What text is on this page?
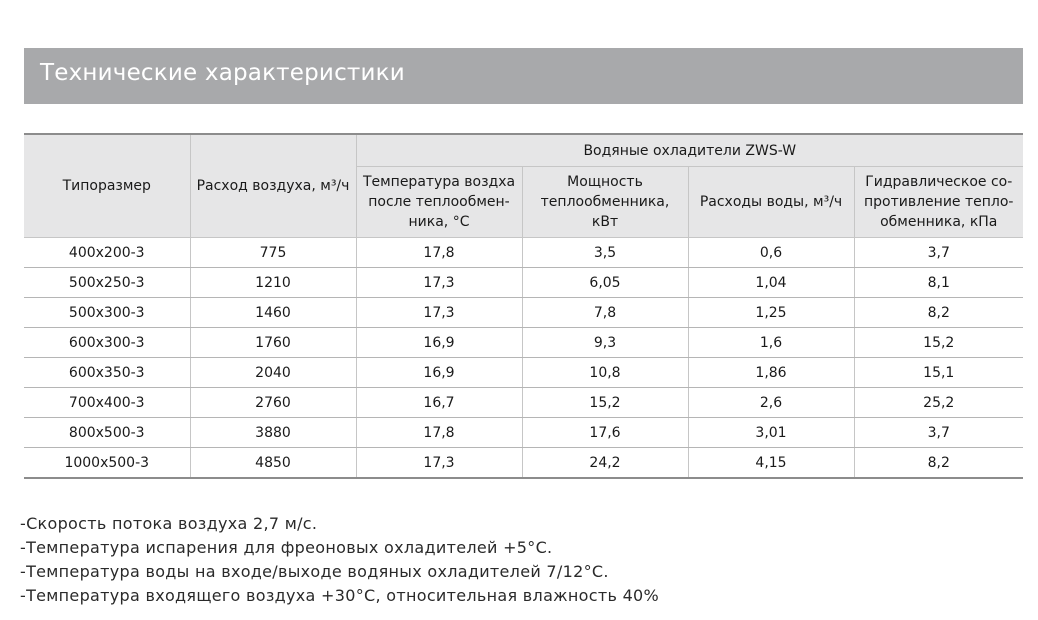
Технические характеристики
Типоразмер	Расход воздуха, м³/ч	Водяные охладители ZWS-W			
		Температура воздха после теплообмен-ника, °С	Мощность теплообменника, кВт	Расходы воды, м³/ч	Гидравлическое со-противление тепло-обменника, кПа
400x200-3	775	17,8	3,5	0,6	3,7
500x250-3	1210	17,3	6,05	1,04	8,1
500x300-3	1460	17,3	7,8	1,25	8,2
600x300-3	1760	16,9	9,3	1,6	15,2
600x350-3	2040	16,9	10,8	1,86	15,1
700x400-3	2760	16,7	15,2	2,6	25,2
800x500-3	3880	17,8	17,6	3,01	3,7
1000x500-3	4850	17,3	24,2	4,15	8,2
-Скорость потока воздуха 2,7 м/с.
-Температура испарения для фреоновых охладителей +5°С.
-Температура воды на входе/выходе водяных охладителей 7/12°С.
-Температура входящего воздуха +30°С, относительная влажность 40%
